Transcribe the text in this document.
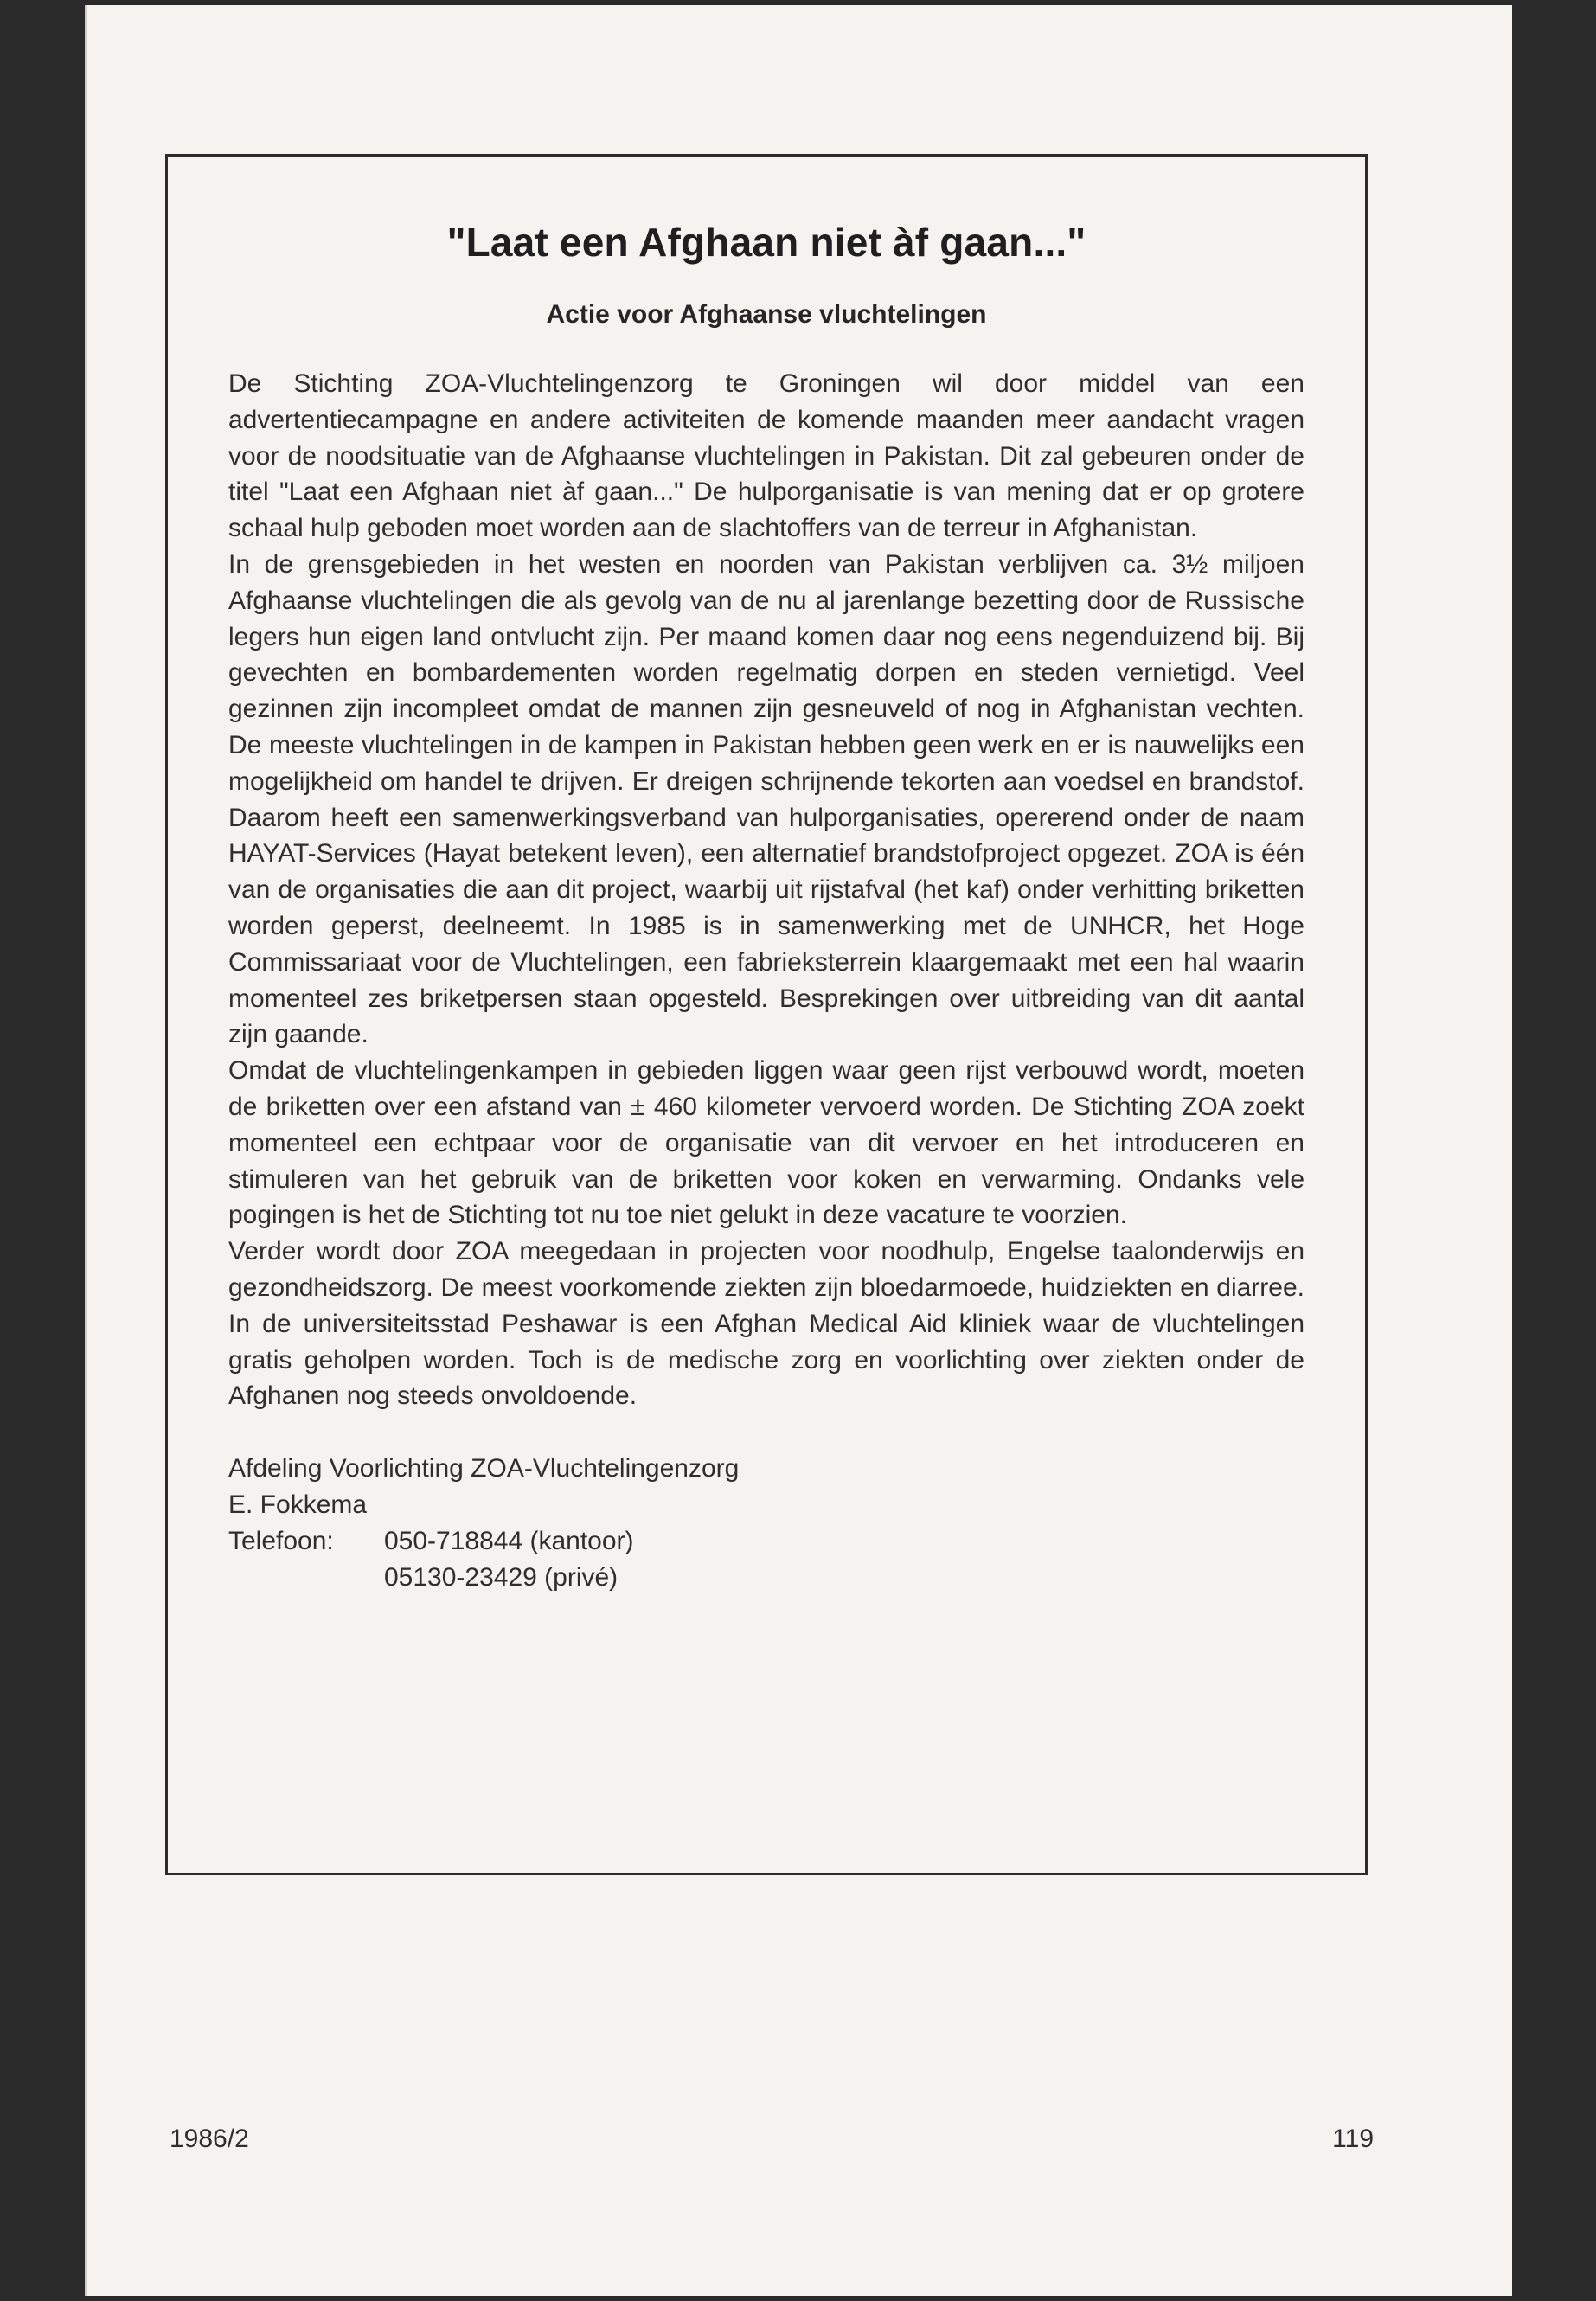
"Laat een Afghaan niet àf gaan..."
Actie voor Afghaanse vluchtelingen

De Stichting ZOA-Vluchtelingenzorg te Groningen wil door middel van een advertentiecampagne en andere activiteiten de komende maanden meer aandacht vragen voor de noodsituatie van de Afghaanse vluchtelingen in Pakistan. Dit zal gebeuren onder de titel "Laat een Afghaan niet àf gaan..." De hulporganisatie is van mening dat er op grotere schaal hulp geboden moet worden aan de slachtoffers van de terreur in Afghanistan.

In de grensgebieden in het westen en noorden van Pakistan verblijven ca. 3½ miljoen Afghaanse vluchtelingen die als gevolg van de nu al jarenlange bezetting door de Russische legers hun eigen land ontvlucht zijn. Per maand komen daar nog eens negenduizend bij. Bij gevechten en bombardementen worden regelmatig dorpen en steden vernietigd. Veel gezinnen zijn incompleet omdat de mannen zijn gesneuveld of nog in Afghanistan vechten. De meeste vluchtelingen in de kampen in Pakistan hebben geen werk en er is nauwelijks een mogelijkheid om handel te drijven. Er dreigen schrijnende tekorten aan voedsel en brandstof. Daarom heeft een samenwerkingsverband van hulporganisaties, opererend onder de naam HAYAT-Services (Hayat betekent leven), een alternatief brandstofproject opgezet. ZOA is één van de organisaties die aan dit project, waarbij uit rijstafval (het kaf) onder verhitting briketten worden geperst, deelneemt. In 1985 is in samenwerking met de UNHCR, het Hoge Commissariaat voor de Vluchtelingen, een fabrieksterrein klaargemaakt met een hal waarin momenteel zes briketpersen staan opgesteld. Besprekingen over uitbreiding van dit aantal zijn gaande.

Omdat de vluchtelingenkampen in gebieden liggen waar geen rijst verbouwd wordt, moeten de briketten over een afstand van ± 460 kilometer vervoerd worden. De Stichting ZOA zoekt momenteel een echtpaar voor de organisatie van dit vervoer en het introduceren en stimuleren van het gebruik van de briketten voor koken en verwarming. Ondanks vele pogingen is het de Stichting tot nu toe niet gelukt in deze vacature te voorzien.

Verder wordt door ZOA meegedaan in projecten voor noodhulp, Engelse taalonderwijs en gezondheidszorg. De meest voorkomende ziekten zijn bloedarmoede, huidziekten en diarree. In de universiteitsstad Peshawar is een Afghan Medical Aid kliniek waar de vluchtelingen gratis geholpen worden. Toch is de medische zorg en voorlichting over ziekten onder de Afghanen nog steeds onvoldoende.

Afdeling Voorlichting ZOA-Vluchtelingenzorg
E. Fokkema
Telefoon:	050-718844 (kantoor)
05130-23429 (privé)
1986/2	119
